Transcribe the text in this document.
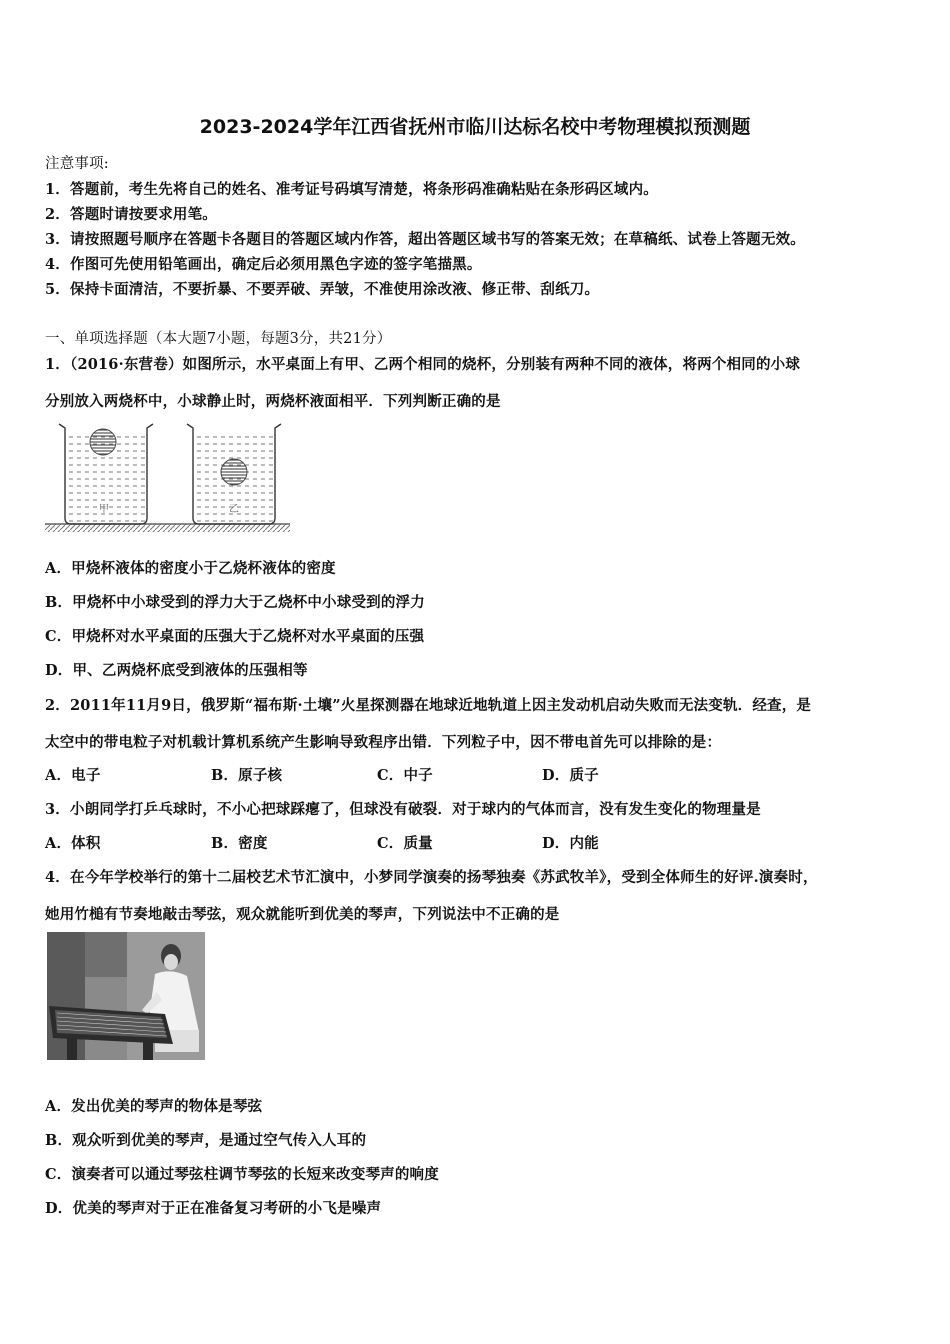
2023-2024学年江西省抚州市临川达标名校中考物理模拟预测题
注意事项:
1．答题前，考生先将自己的姓名、准考证号码填写清楚，将条形码准确粘贴在条形码区域内。
2．答题时请按要求用笔。
3．请按照题号顺序在答题卡各题目的答题区域内作答，超出答题区域书写的答案无效；在草稿纸、试卷上答题无效。
4．作图可先使用铅笔画出，确定后必须用黑色字迹的签字笔描黑。
5．保持卡面清洁，不要折暴、不要弄破、弄皱，不准使用涂改液、修正带、刮纸刀。
一、单项选择题（本大题7小题，每题3分，共21分）
1．（2016·东营卷）如图所示，水平桌面上有甲、乙两个相同的烧杯，分别装有两种不同的液体，将两个相同的小球
分别放入两烧杯中，小球静止时，两烧杯液面相平．下列判断正确的是
甲	乙
A．甲烧杯液体的密度小于乙烧杯液体的密度
B．甲烧杯中小球受到的浮力大于乙烧杯中小球受到的浮力
C．甲烧杯对水平桌面的压强大于乙烧杯对水平桌面的压强
D．甲、乙两烧杯底受到液体的压强相等
2．2011年11月9日，俄罗斯“福布斯·土壤”火星探测器在地球近地轨道上因主发动机启动失败而无法变轨．经查，是
太空中的带电粒子对机载计算机系统产生影响导致程序出错．下列粒子中，因不带电首先可以排除的是：
A．电子	B．原子核	C．中子	D．质子
3．小朗同学打乒乓球时，不小心把球踩瘪了，但球没有破裂．对于球内的气体而言，没有发生变化的物理量是
A．体积	B．密度	C．质量	D．内能
4．在今年学校举行的第十二届校艺术节汇演中，小梦同学演奏的扬琴独奏《苏武牧羊》，受到全体师生的好评.演奏时，
她用竹槌有节奏地敲击琴弦，观众就能听到优美的琴声，下列说法中不正确的是
A．发出优美的琴声的物体是琴弦
B．观众听到优美的琴声，是通过空气传入人耳的
C．演奏者可以通过琴弦柱调节琴弦的长短来改变琴声的响度
D．优美的琴声对于正在准备复习考研的小飞是噪声
